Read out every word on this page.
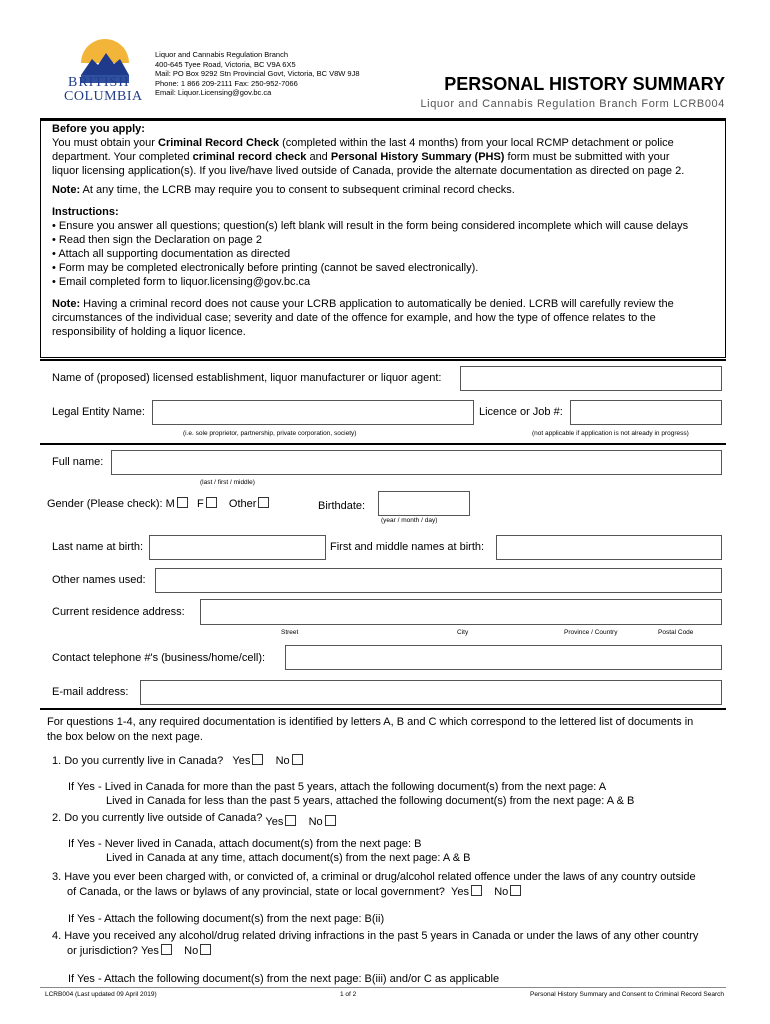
BRITISH
COLUMBIA
Liquor and Cannabis Regulation Branch
400-645 Tyee Road, Victoria, BC V9A 6X5
Mail: PO Box 9292 Stn Provincial Govt, Victoria, BC V8W 9J8
Phone: 1 866 209-2111 Fax: 250-952-7066
Email: Liquor.Licensing@gov.bc.ca	PERSONAL HISTORY SUMMARY
Liquor and Cannabis Regulation Branch Form LCRB004
Before you apply:
You must obtain your Criminal Record Check (completed within the last 4 months) from your local RCMP detachment or police
department. Your completed criminal record check and Personal History Summary (PHS) form must be submitted with your
liquor licensing application(s). If you live/have lived outside of Canada, provide the alternate documentation as directed on page 2.
Note: At any time, the LCRB may require you to consent to subsequent criminal record checks.
Instructions:
• Ensure you answer all questions; question(s) left blank will result in the form being considered incomplete which will cause delays
• Read then sign the Declaration on page 2
• Attach all supporting documentation as directed
• Form may be completed electronically before printing (cannot be saved electronically).
• Email completed form to liquor.licensing@gov.bc.ca
Note: Having a criminal record does not cause your LCRB application to automatically be denied. LCRB will carefully review the
circumstances of the individual case; severity and date of the offence for example, and how the type of offence relates to the
responsibility of holding a liquor licence.
Name of (proposed) licensed establishment, liquor manufacturer or liquor agent:
Legal Entity Name:	Licence or Job #:
(i.e. sole proprietor, partnership, private corporation, society)	(not applicable if application is not already in progress)
Full name:
(last / first / middle)
Gender (Please check): M F Other	Birthdate:
(year / month / day)
Last name at birth:	First and middle names at birth:
Other names used:
Current residence address:
Street	City	Province / Country	Postal Code
Contact telephone #'s (business/home/cell):
E-mail address:
For questions 1-4, any required documentation is identified by letters A, B and C which correspond to the lettered list of documents in
the box below on the next page.
1. Do you currently live in Canada? Yes No
If Yes - Lived in Canada for more than the past 5 years, attach the following document(s) from the next page: A
Lived in Canada for less than the past 5 years, attached the following document(s) from the next page: A & B
2. Do you currently live outside of Canada? Yes No
If Yes - Never lived in Canada, attach document(s) from the next page: B
Lived in Canada at any time, attach document(s) from the next page: A & B
3. Have you ever been charged with, or convicted of, a criminal or drug/alcohol related offence under the laws of any country outside
of Canada, or the laws or bylaws of any provincial, state or local government? Yes No
If Yes - Attach the following document(s) from the next page: B(ii)
4. Have you received any alcohol/drug related driving infractions in the past 5 years in Canada or under the laws of any other country
or jurisdiction? Yes No
If Yes - Attach the following document(s) from the next page: B(iii) and/or C as applicable
LCRB004 (Last updated 09 April 2019)	1 of 2	Personal History Summary and Consent to Criminal Record Search
